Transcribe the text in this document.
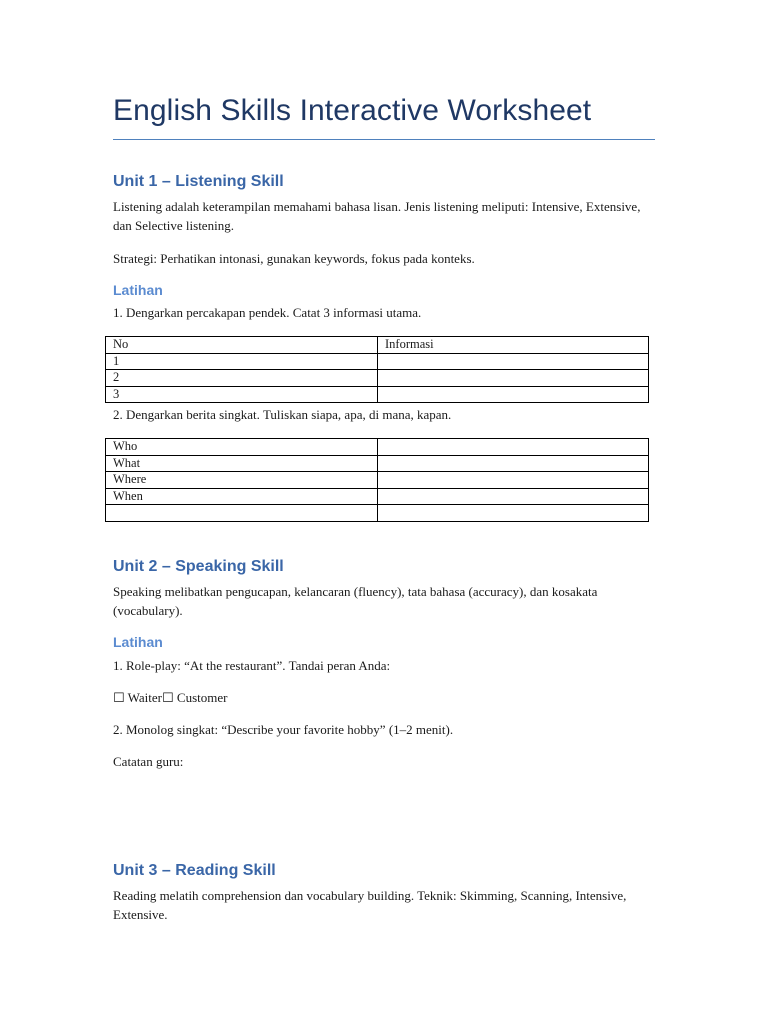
English Skills Interactive Worksheet
Unit 1 – Listening Skill

Listening adalah keterampilan memahami bahasa lisan. Jenis listening meliputi: Intensive, Extensive, dan Selective listening.

Strategi: Perhatikan intonasi, gunakan keywords, fokus pada konteks.

Latihan

1. Dengarkan percakapan pendek. Catat 3 informasi utama.

No	Informasi
1	
2	
3	

2. Dengarkan berita singkat. Tuliskan siapa, apa, di mana, kapan.

Who	
What	
Where	
When	

Unit 2 – Speaking Skill

Speaking melibatkan pengucapan, kelancaran (fluency), tata bahasa (accuracy), dan kosakata (vocabulary).

Latihan

1. Role-play: “At the restaurant”. Tandai peran Anda:

☐ Waiter☐ Customer

2. Monolog singkat: “Describe your favorite hobby” (1–2 menit).

Catatan guru:

Unit 3 – Reading Skill

Reading melatih comprehension dan vocabulary building. Teknik: Skimming, Scanning, Intensive, Extensive.
